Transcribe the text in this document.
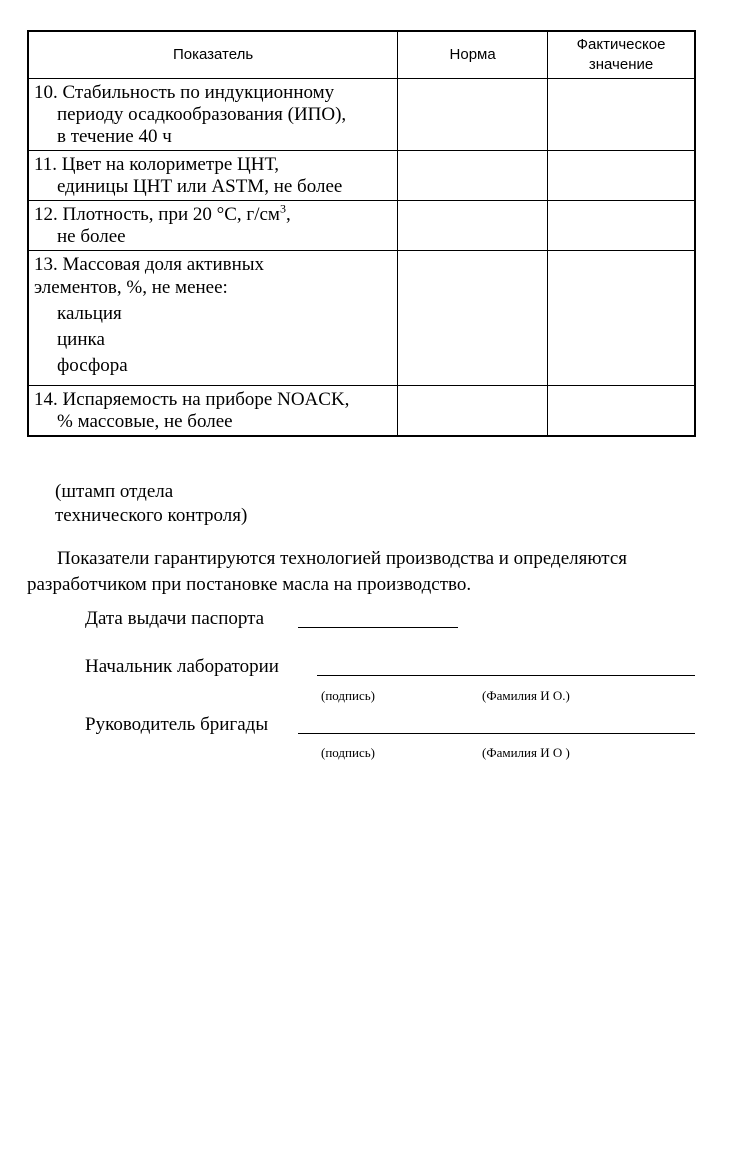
Показатель	Норма	Фактическое
значение

10. Стабильность по индукционному
периоду осадкообразования (ИПО),
в течение 40 ч		

11. Цвет на колориметре ЦНТ,
единицы ЦНТ или ASTM, не более		

12. Плотность, при 20 °С, $г/см^3$,
не более		

13. Массовая доля активных
элементов, %, не менее:
кальция
цинка
фосфора		

14. Испаряемость на приборе NOACK,
% массовые, не более		

(штамп отдела
технического контроля)
Показатели гарантируются технологией производства и определяются
разработчиком при постановке масла на производство.
Дата выдачи паспорта
Начальник лаборатории
(подпись)	(Фамилия И О.)
Руководитель бригады
(подпись)	(Фамилия И О )
